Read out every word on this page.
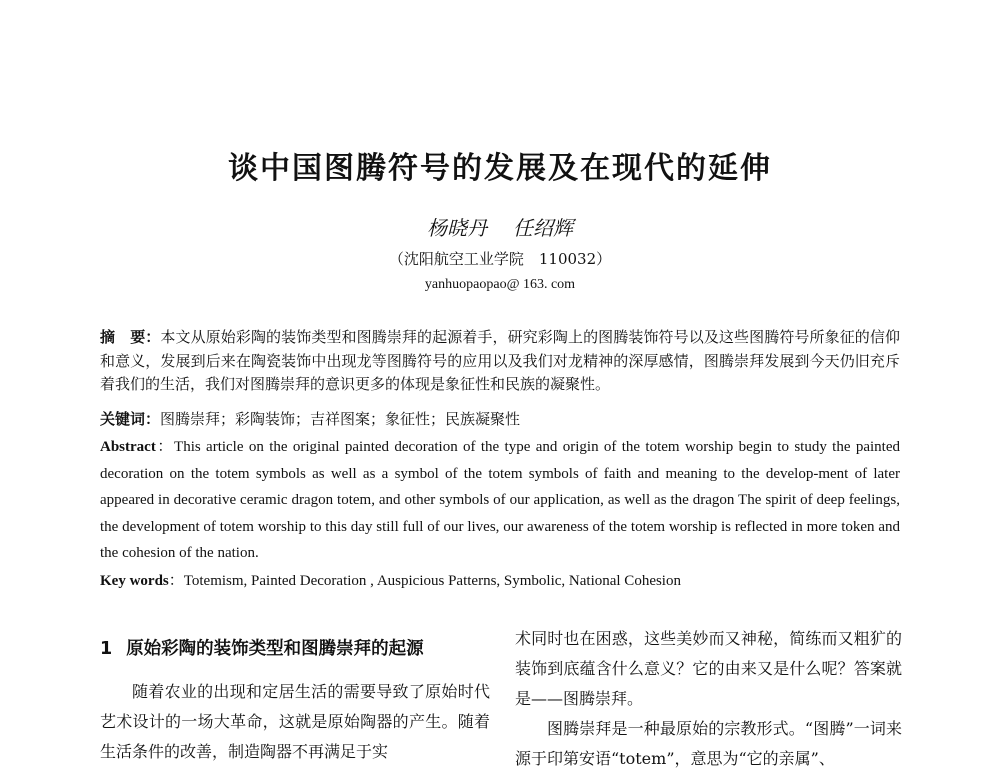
谈中国图腾符号的发展及在现代的延伸
杨晓丹 任绍辉
（沈阳航空工业学院　110032）
yanhuopaopao@ 163. com
摘　要：本文从原始彩陶的装饰类型和图腾崇拜的起源着手，研究彩陶上的图腾装饰符号以及这些图腾符号所象征的信仰和意义，发展到后来在陶瓷装饰中出现龙等图腾符号的应用以及我们对龙精神的深厚感情，图腾崇拜发展到今天仍旧充斥着我们的生活，我们对图腾崇拜的意识更多的体现是象征性和民族的凝聚性。
关键词：图腾崇拜；彩陶装饰；吉祥图案；象征性；民族凝聚性
Abstract：This article on the original painted decoration of the type and origin of the totem worship begin to study the painted decoration on the totem symbols as well as a symbol of the totem symbols of faith and meaning to the develop-ment of later appeared in decorative ceramic dragon totem, and other symbols of our application, as well as the dragon The spirit of deep feelings, the development of totem worship to this day still full of our lives, our awareness of the totem worship is reflected in more token and the cohesion of the nation.
Key words：Totemism, Painted Decoration , Auspicious Patterns, Symbolic, National Cohesion
1 原始彩陶的装饰类型和图腾崇拜的起源
随着农业的出现和定居生活的需要导致了原始时代艺术设计的一场大革命，这就是原始陶器的产生。随着生活条件的改善，制造陶器不再满足于实

术同时也在困惑，这些美妙而又神秘，简练而又粗犷的装饰到底蕴含什么意义？它的由来又是什么呢？答案就是——图腾崇拜。

图腾崇拜是一种最原始的宗教形式。“图腾”一词来源于印第安语“totem”，意思为“它的亲属”、
